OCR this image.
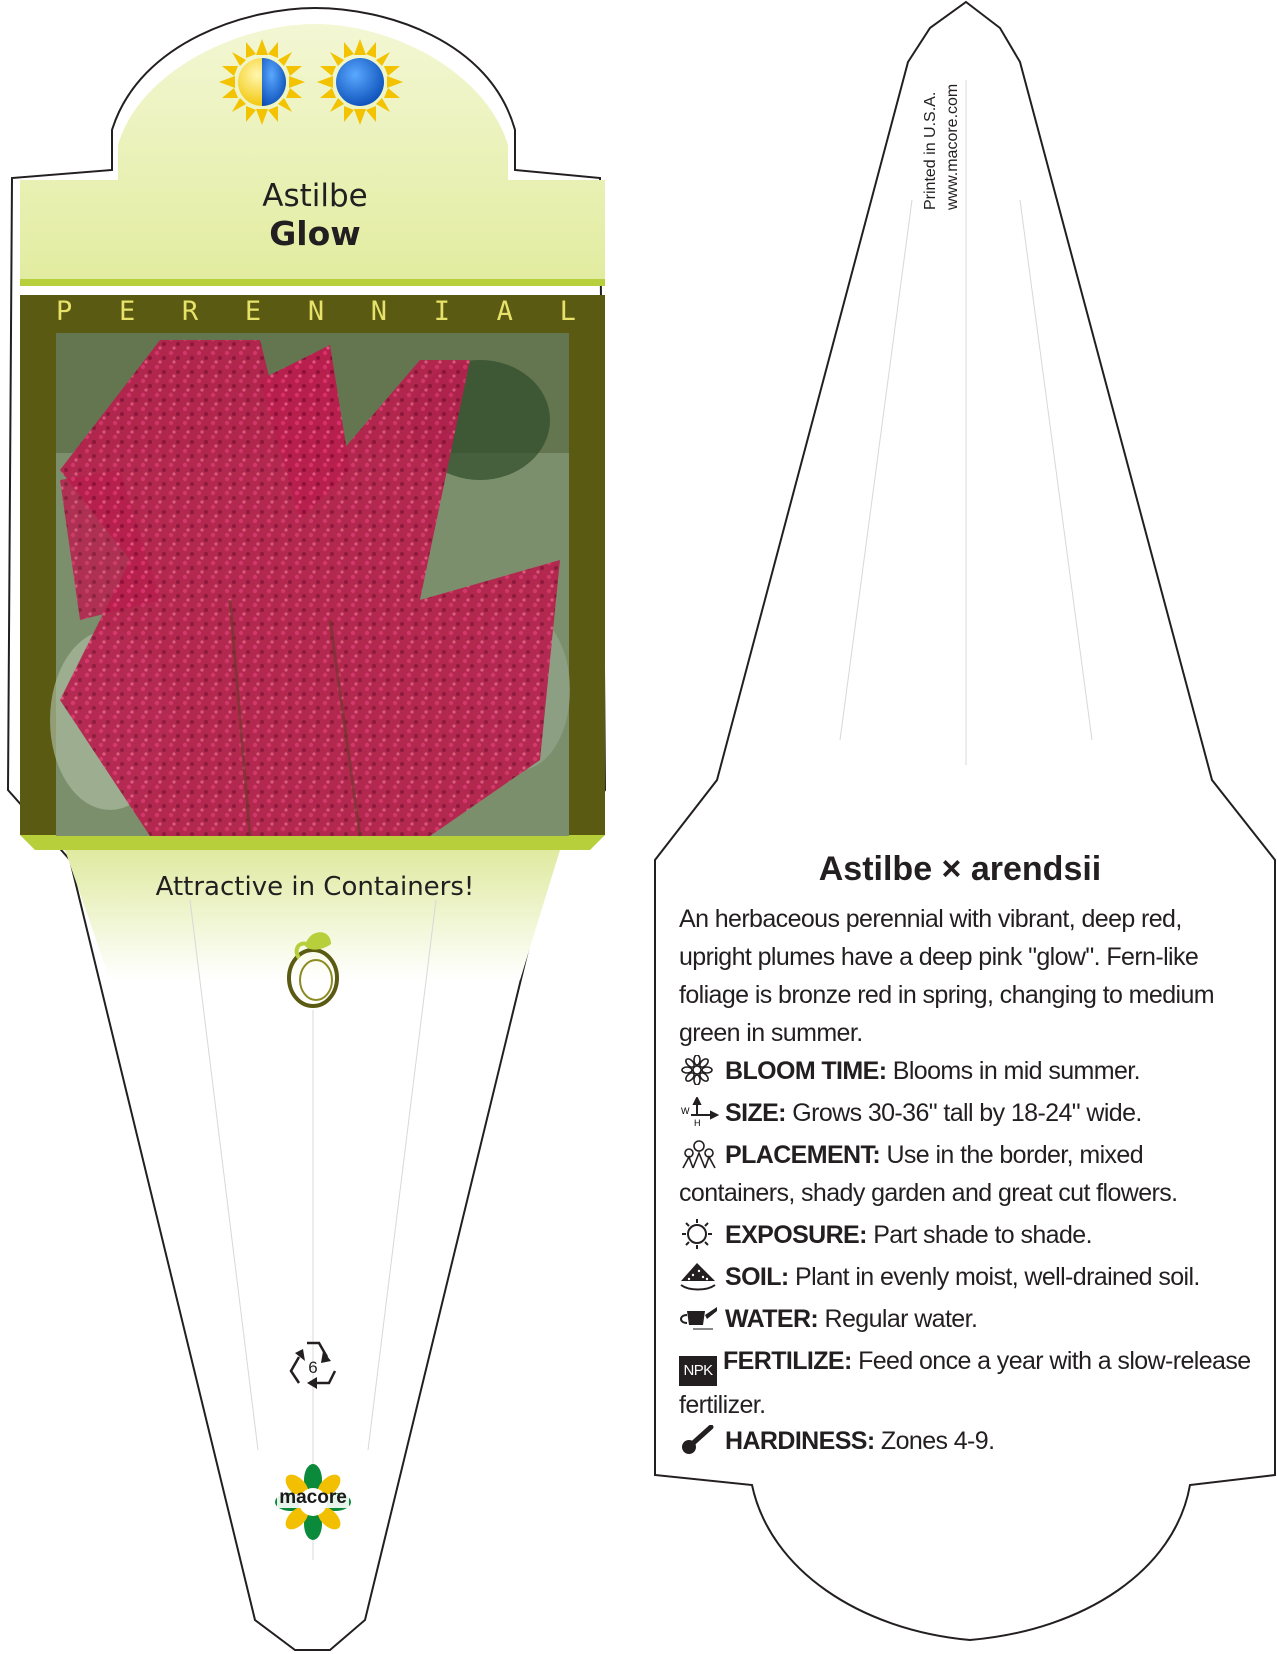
Astilbe
Glow
P E R E N N I A L
Attractive in Containers!
6
macore
Printed in U.S.A. www.macore.com
Astilbe × arendsii
An herbaceous perennial with vibrant, deep red, upright plumes have a deep pink "glow". Fern-like foliage is bronze red in spring, changing to medium green in summer.
BLOOM TIME: Blooms in mid summer.
W
H SIZE: Grows 30-36" tall by 18-24" wide.
PLACEMENT: Use in the border, mixed containers, shady garden and great cut flowers.
EXPOSURE: Part shade to shade.
SOIL: Plant in evenly moist, well-drained soil.
WATER: Regular water.
NPK FERTILIZE: Feed once a year with a slow-release fertilizer.
HARDINESS: Zones 4-9.
